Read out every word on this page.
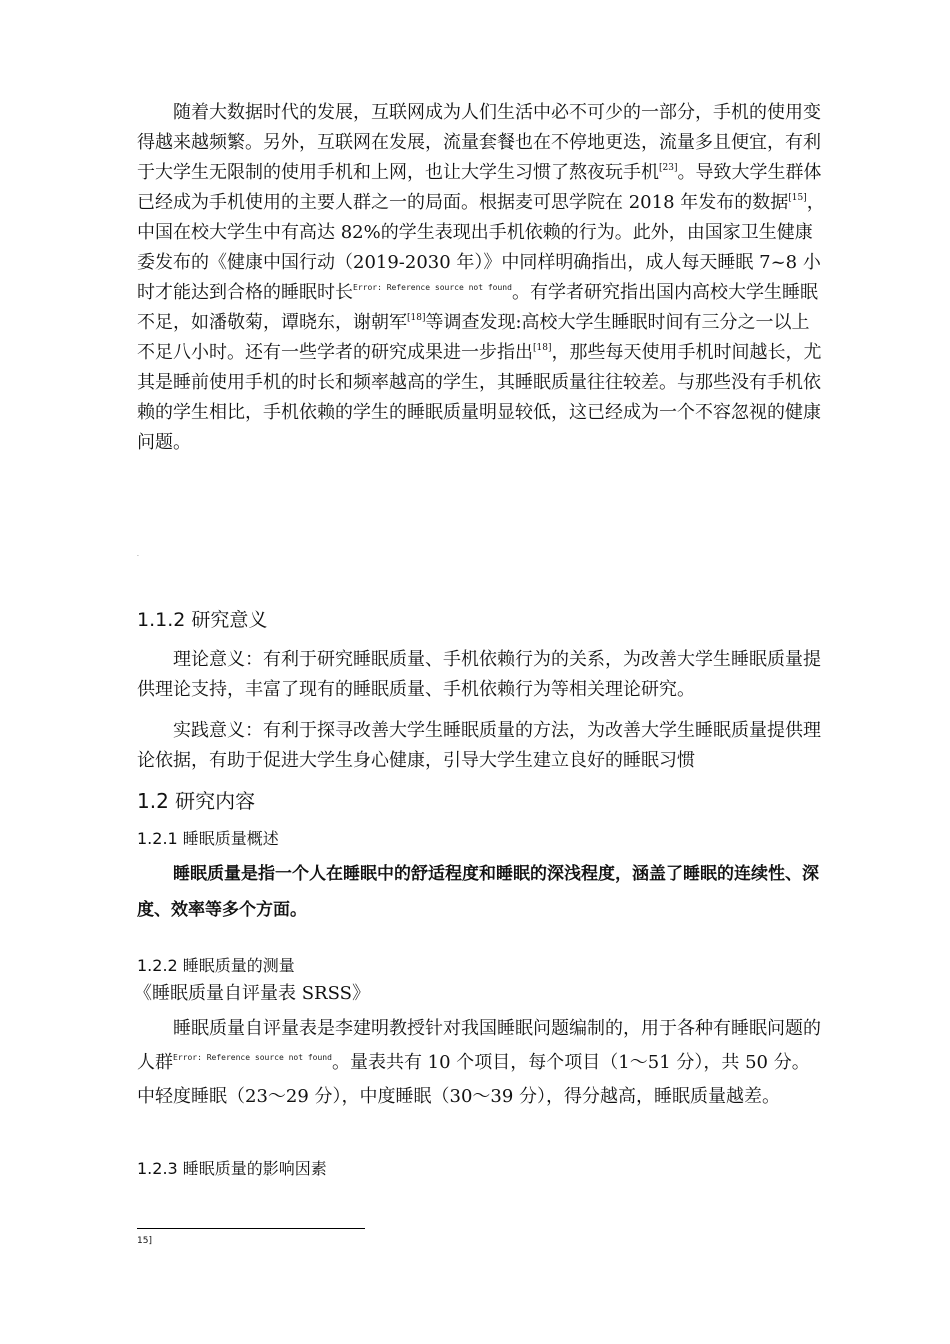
随着大数据时代的发展，互联网成为人们生活中必不可少的一部分，手机的使用变得越来越频繁。另外，互联网在发展，流量套餐也在不停地更迭，流量多且便宜，有利于大学生无限制的使用手机和上网，也让大学生习惯了熬夜玩手机[23]。导致大学生群体已经成为手机使用的主要人群之一的局面。根据麦可思学院在 2018 年发布的数据[15]，中国在校大学生中有高达 82%的学生表现出手机依赖的行为。此外，由国家卫生健康委发布的《健康中国行动（2019-2030 年）》中同样明确指出，成人每天睡眠 7~8 小时才能达到合格的睡眠时长$^{Error: Reference source not found}$。有学者研究指出国内高校大学生睡眠不足，如潘敬菊，谭晓东，谢朝军[18]等调查发现:高校大学生睡眠时间有三分之一以上不足八小时。还有一些学者的研究成果进一步指出[18]，那些每天使用手机时间越长，尤其是睡前使用手机的时长和频率越高的学生，其睡眠质量往往较差。与那些没有手机依赖的学生相比，手机依赖的学生的睡眠质量明显较低，这已经成为一个不容忽视的健康问题。

·
1.1.2 研究意义

理论意义：有利于研究睡眠质量、手机依赖行为的关系，为改善大学生睡眠质量提供理论支持，丰富了现有的睡眠质量、手机依赖行为等相关理论研究。

实践意义：有利于探寻改善大学生睡眠质量的方法，为改善大学生睡眠质量提供理论依据，有助于促进大学生身心健康，引导大学生建立良好的睡眠习惯

1.2 研究内容
1.2.1 睡眠质量概述

睡眠质量是指一个人在睡眠中的舒适程度和睡眠的深浅程度，涵盖了睡眠的连续性、深度、效率等多个方面。

1.2.2 睡眠质量的测量
《睡眠质量自评量表 SRSS》

睡眠质量自评量表是李建明教授针对我国睡眠问题编制的，用于各种有睡眠问题的人群$^{Error: Reference source not found}$。量表共有 10 个项目，每个项目（1～51 分），共 50 分。中轻度睡眠（23～29 分），中度睡眠（30～39 分），得分越高，睡眠质量越差。

1.2.3 睡眠质量的影响因素
15]
